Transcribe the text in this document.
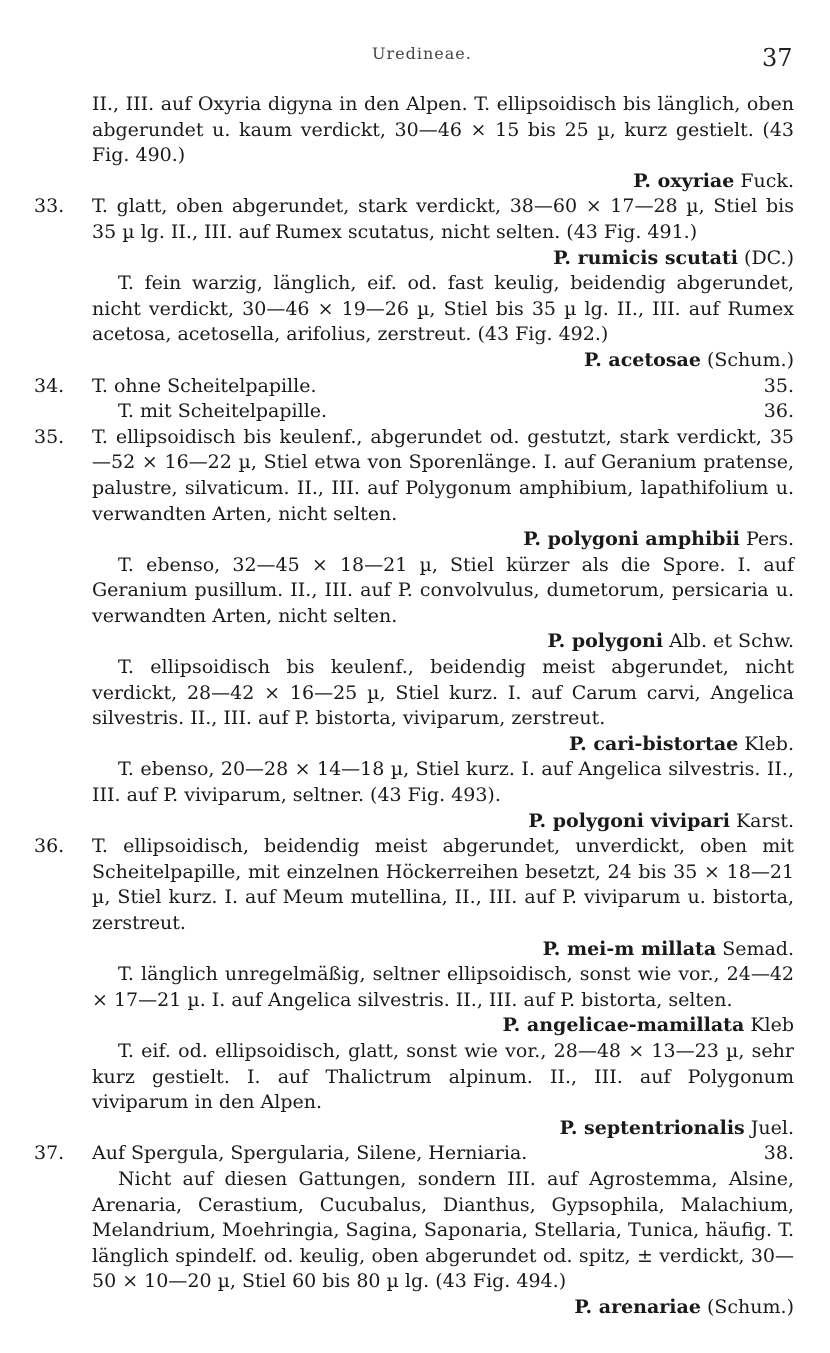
Uredineae.	37

II., III. auf Oxyria digyna in den Alpen. T. ellipsoidisch bis länglich, oben abgerundet u. kaum verdickt, 30—46 × 15 bis 25 µ, kurz gestielt. (43 Fig. 490.)
P. oxyriae Fuck.

33. T. glatt, oben abgerundet, stark verdickt, 38—60 × 17—28 µ, Stiel bis 35 µ lg. II., III. auf Rumex scutatus, nicht selten. (43 Fig. 491.)
P. rumicis scutati (DC.)

T. fein warzig, länglich, eif. od. fast keulig, beidendig abgerundet, nicht verdickt, 30—46 × 19—26 µ, Stiel bis 35 µ lg. II., III. auf Rumex acetosa, acetosella, arifolius, zerstreut. (43 Fig. 492.)
P. acetosae (Schum.)

34. T. ohne Scheitelpapille.	35.
T. mit Scheitelpapille.	36.
35. T. ellipsoidisch bis keulenf., abgerundet od. gestutzt, stark verdickt, 35—52 × 16—22 µ, Stiel etwa von Sporenlänge. I. auf Geranium pratense, palustre, silvaticum. II., III. auf Polygonum amphibium, lapathifolium u. verwandten Arten, nicht selten.
P. polygoni amphibii Pers.

T. ebenso, 32—45 × 18—21 µ, Stiel kürzer als die Spore. I. auf Geranium pusillum. II., III. auf P. convolvulus, dumetorum, persicaria u. verwandten Arten, nicht selten.
P. polygoni Alb. et Schw.

T. ellipsoidisch bis keulenf., beidendig meist abgerundet, nicht verdickt, 28—42 × 16—25 µ, Stiel kurz. I. auf Carum carvi, Angelica silvestris. II., III. auf P. bistorta, viviparum, zerstreut.
P. cari-bistortae Kleb.

T. ebenso, 20—28 × 14—18 µ, Stiel kurz. I. auf Angelica silvestris. II., III. auf P. viviparum, seltner. (43 Fig. 493).
P. polygoni vivipari Karst.

36. T. ellipsoidisch, beidendig meist abgerundet, unverdickt, oben mit Scheitelpapille, mit einzelnen Höckerreihen besetzt, 24 bis 35 × 18—21 µ, Stiel kurz. I. auf Meum mutellina, II., III. auf P. viviparum u. bistorta, zerstreut.
P. mei-m millata Semad.

T. länglich unregelmäßig, seltner ellipsoidisch, sonst wie vor., 24—42 × 17—21 µ. I. auf Angelica silvestris. II., III. auf P. bistorta, selten.
P. angelicae-mamillata Kleb

T. eif. od. ellipsoidisch, glatt, sonst wie vor., 28—48 × 13—23 µ, sehr kurz gestielt. I. auf Thalictrum alpinum. II., III. auf Polygonum viviparum in den Alpen.
P. septentrionalis Juel.

37. Auf Spergula, Spergularia, Silene, Herniaria.	38.

Nicht auf diesen Gattungen, sondern III. auf Agrostemma, Alsine, Arenaria, Cerastium, Cucubalus, Dianthus, Gypsophila, Malachium, Melandrium, Moehringia, Sagina, Saponaria, Stellaria, Tunica, häufig. T. länglich spindelf. od. keulig, oben abgerundet od. spitz, ± verdickt, 30—50 × 10—20 µ, Stiel 60 bis 80 µ lg. (43 Fig. 494.)
P. arenariae (Schum.)
